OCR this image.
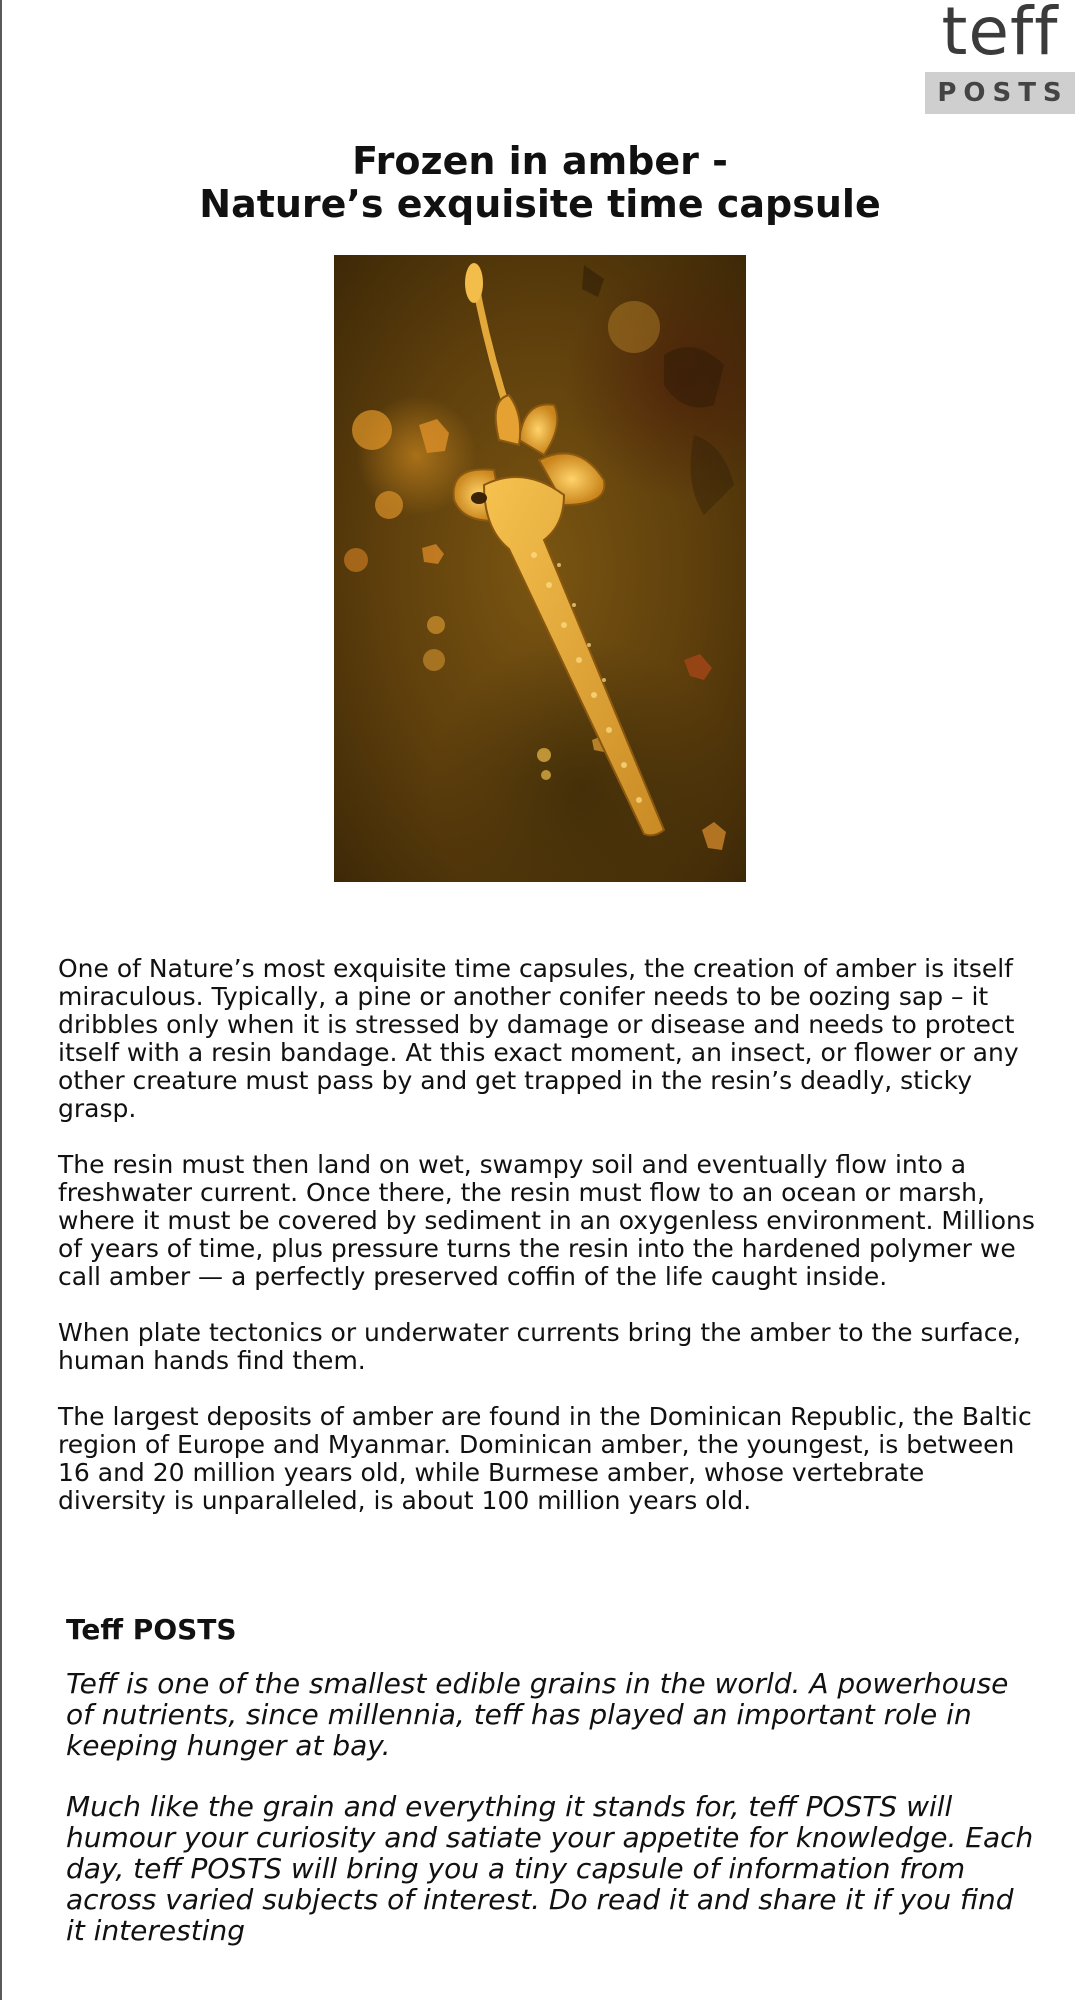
teff
POSTS
Frozen in amber -
Nature’s exquisite time capsule

One of Nature’s most exquisite time capsules, the creation of amber is itself miraculous. Typically, a pine or another conifer needs to be oozing sap – it dribbles only when it is stressed by damage or disease and needs to protect itself with a resin bandage. At this exact moment, an insect, or flower or any other creature must pass by and get trapped in the resin’s deadly, sticky grasp.

The resin must then land on wet, swampy soil and eventually flow into a freshwater current. Once there, the resin must flow to an ocean or marsh, where it must be covered by sediment in an oxygenless environment. Millions of years of time, plus pressure turns the resin into the hardened polymer we call amber — a perfectly preserved coffin of the life caught inside.

When plate tectonics or underwater currents bring the amber to the surface, human hands find them.

The largest deposits of amber are found in the Dominican Republic, the Baltic region of Europe and Myanmar. Dominican amber, the youngest, is between 16 and 20 million years old, while Burmese amber, whose vertebrate diversity is unparalleled, is about 100 million years old.

Teff POSTS

Teff is one of the smallest edible grains in the world. A powerhouse of nutrients, since millennia, teff has played an important role in keeping hunger at bay.

Much like the grain and everything it stands for, teff POSTS will humour your curiosity and satiate your appetite for knowledge. Each day, teff POSTS will bring you a tiny capsule of information from across varied subjects of interest. Do read it and share it if you find it interesting
